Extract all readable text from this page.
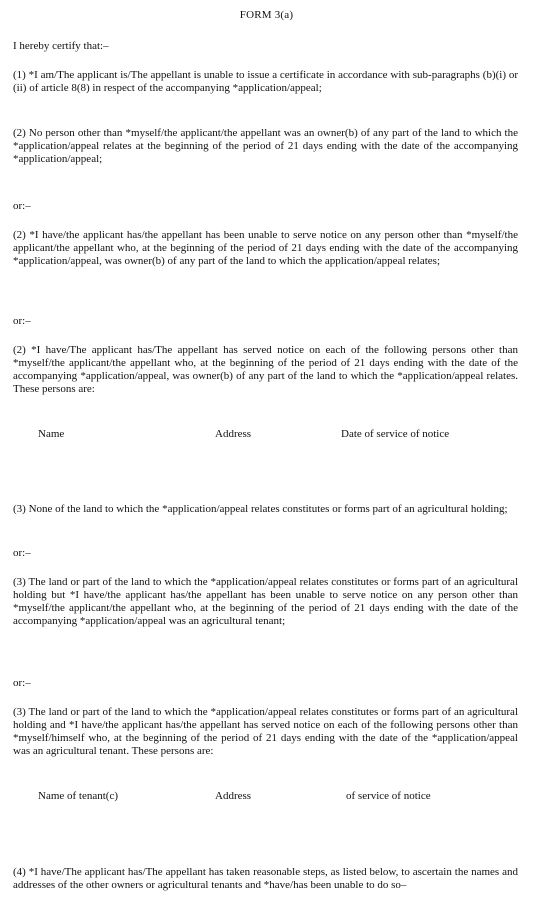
FORM 3(a)
I hereby certify that:–
(1) *I am/The applicant is/The appellant is unable to issue a certificate in accordance with sub-paragraphs (b)(i) or (ii) of article 8(8) in respect of the accompanying *application/appeal;
(2) No person other than *myself/the applicant/the appellant was an owner(b) of any part of the land to which the *application/appeal relates at the beginning of the period of 21 days ending with the date of the accompanying *application/appeal;
or:–
(2) *I have/the applicant has/the appellant has been unable to serve notice on any person other than *myself/the applicant/the appellant who, at the beginning of the period of 21 days ending with the date of the accompanying *application/appeal, was owner(b) of any part of the land to which the application/appeal relates;
or:–
(2) *I have/The applicant has/The appellant has served notice on each of the following persons other than *myself/the applicant/the appellant who, at the beginning of the period of 21 days ending with the date of the accompanying *application/appeal, was owner(b) of any part of the land to which the *application/appeal relates. These persons are:
Name	Address	Date of service of notice
(3) None of the land to which the *application/appeal relates constitutes or forms part of an agricultural holding;
or:–
(3) The land or part of the land to which the *application/appeal relates constitutes or forms part of an agricultural holding but *I have/the applicant has/the appellant has been unable to serve notice on any person other than *myself/the applicant/the appellant who, at the beginning of the period of 21 days ending with the date of the accompanying *application/appeal was an agricultural tenant;
or:–
(3) The land or part of the land to which the *application/appeal relates constitutes or forms part of an agricultural holding and *I have/the applicant has/the appellant has served notice on each of the following persons other than *myself/himself who, at the beginning of the period of 21 days ending with the date of the *application/appeal was an agricultural tenant. These persons are:
Name of tenant(c)	Address	of service of notice
(4) *I have/The applicant has/The appellant has taken reasonable steps, as listed below, to ascertain the names and addresses of the other owners or agricultural tenants and *have/has been unable to do so–
